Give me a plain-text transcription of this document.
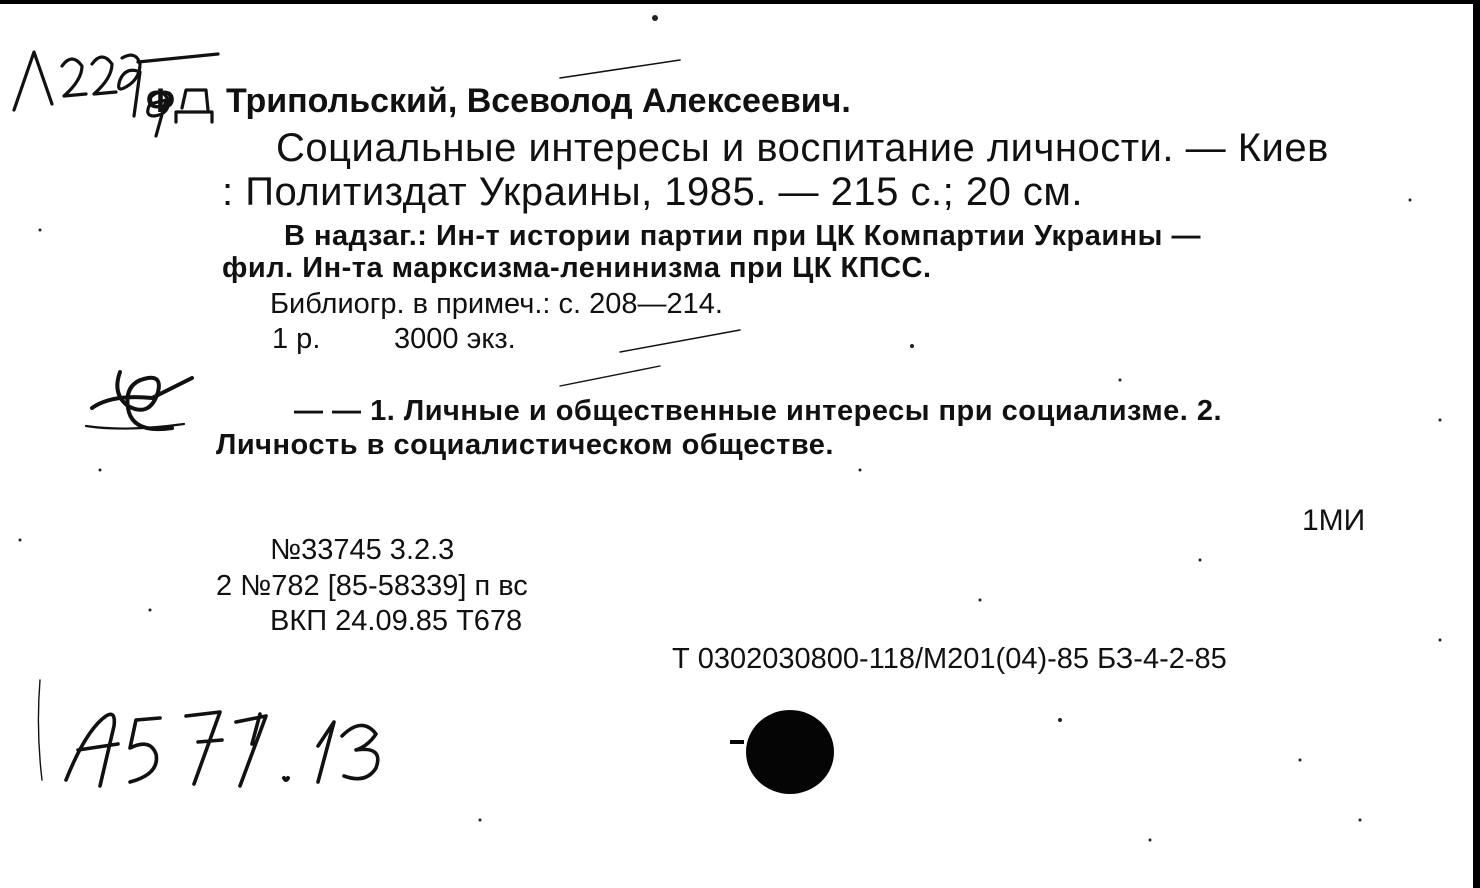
Ф Трипольский, Всеволод Алексеевич.
Социальные интересы и воспитание личности. — Киев
: Политиздат Украины, 1985. — 215 с.; 20 см.
В надзаг.: Ин-т истории партии при ЦК Компартии Украины —
фил. Ин-та марксизма-ленинизма при ЦК КПСС.
Библиогр. в примеч.: с. 208—214.
1 р.	3000 экз.
— — 1. Личные и общественные интересы при социализме. 2.
Личность в социалистическом обществе.
1МИ
№33745 3.2.3
2 №782 [85-58339] п вс
ВКП 24.09.85 Т678
Т 0302030800-118/М201(04)-85 БЗ-4-2-85
